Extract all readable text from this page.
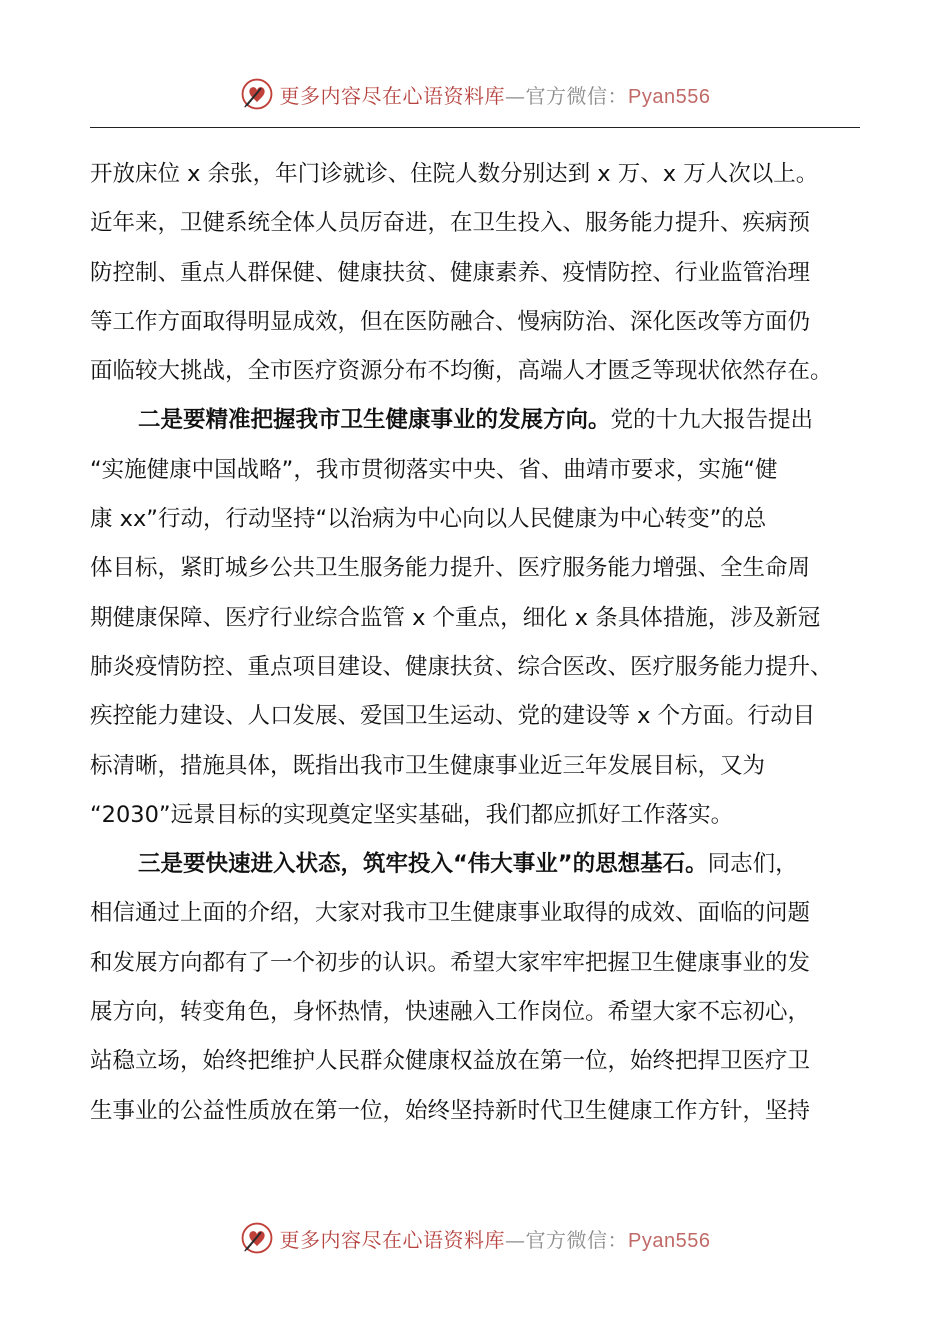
更多内容尽在心语资料库—官方微信：Pyan556
开放床位 x 余张，年门诊就诊、住院人数分别达到 x 万、x 万人次以上。
近年来，卫健系统全体人员厉奋进，在卫生投入、服务能力提升、疾病预
防控制、重点人群保健、健康扶贫、健康素养、疫情防控、行业监管治理
等工作方面取得明显成效，但在医防融合、慢病防治、深化医改等方面仍
面临较大挑战，全市医疗资源分布不均衡，高端人才匮乏等现状依然存在。
二是要精准把握我市卫生健康事业的发展方向。党的十九大报告提出
“实施健康中国战略”，我市贯彻落实中央、省、曲靖市要求，实施“健
康 xx”行动，行动坚持“以治病为中心向以人民健康为中心转变”的总
体目标，紧盯城乡公共卫生服务能力提升、医疗服务能力增强、全生命周
期健康保障、医疗行业综合监管 x 个重点，细化 x 条具体措施，涉及新冠
肺炎疫情防控、重点项目建设、健康扶贫、综合医改、医疗服务能力提升、
疾控能力建设、人口发展、爱国卫生运动、党的建设等 x 个方面。行动目
标清晰，措施具体，既指出我市卫生健康事业近三年发展目标，又为
“2030”远景目标的实现奠定坚实基础，我们都应抓好工作落实。
三是要快速进入状态，筑牢投入“伟大事业”的思想基石。同志们，
相信通过上面的介绍，大家对我市卫生健康事业取得的成效、面临的问题
和发展方向都有了一个初步的认识。希望大家牢牢把握卫生健康事业的发
展方向，转变角色，身怀热情，快速融入工作岗位。希望大家不忘初心，
站稳立场，始终把维护人民群众健康权益放在第一位，始终把捍卫医疗卫
生事业的公益性质放在第一位，始终坚持新时代卫生健康工作方针，坚持
更多内容尽在心语资料库—官方微信：Pyan556
